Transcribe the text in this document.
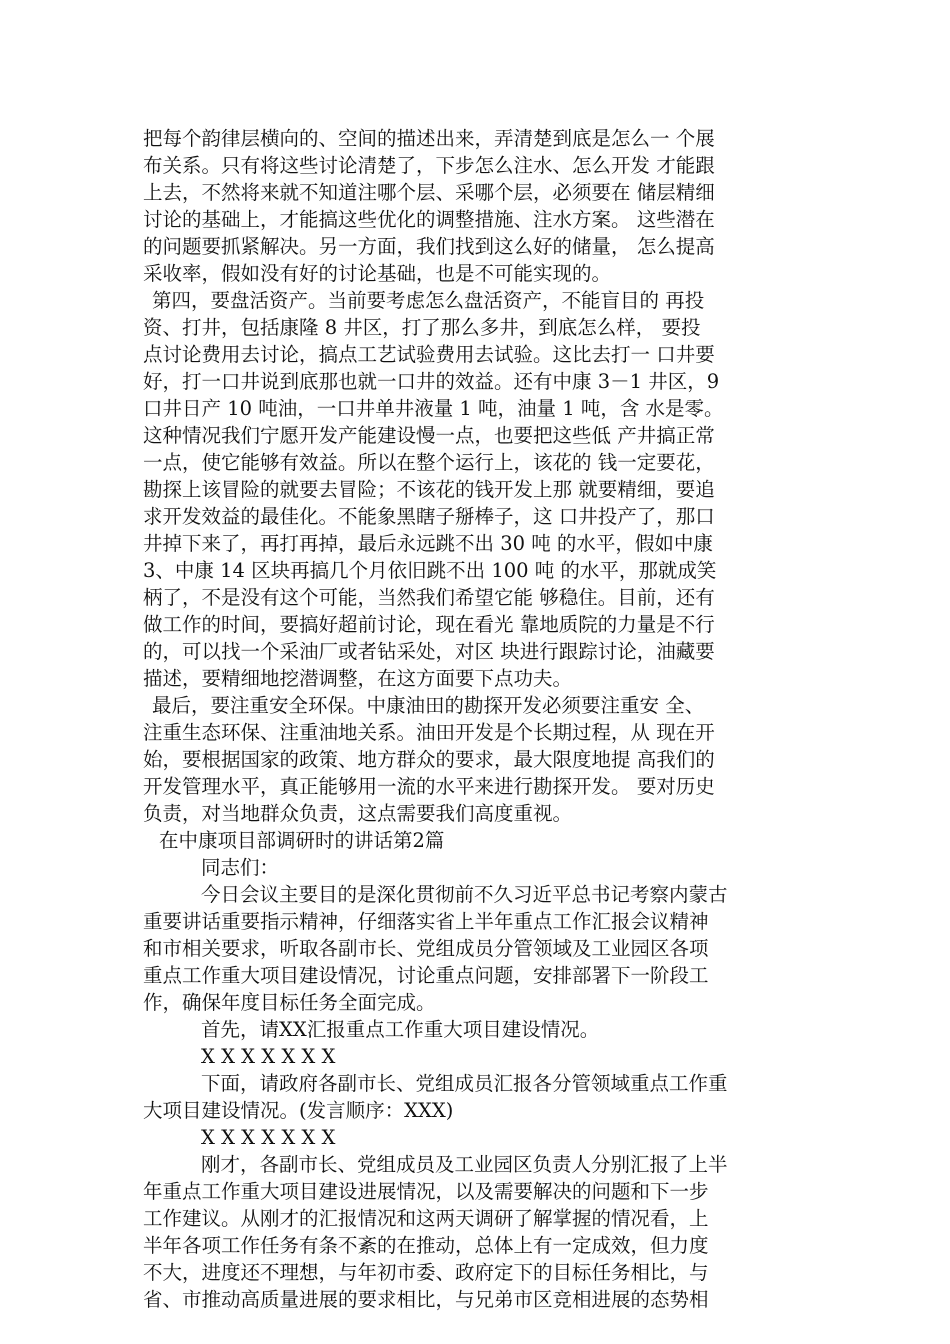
把每个韵律层横向的、空间的描述出来，弄清楚到底是怎么一 个展
布关系。只有将这些讨论清楚了，下步怎么注水、怎么开发 才能跟
上去，不然将来就不知道注哪个层、采哪个层，必须要在 储层精细
讨论的基础上，才能搞这些优化的调整措施、注水方案。 这些潜在
的问题要抓紧解决。另一方面，我们找到这么好的储量， 怎么提高
采收率，假如没有好的讨论基础，也是不可能实现的。
第四，要盘活资产。当前要考虑怎么盘活资产，不能盲目的 再投
资、打井，包括康隆 8 井区，打了那么多井，到底怎么样， 要投
点讨论费用去讨论，搞点工艺试验费用去试验。这比去打一 口井要
好，打一口井说到底那也就一口井的效益。还有中康 3－1 井区，9
口井日产 10 吨油，一口井单井液量 1 吨，油量 1 吨，含 水是零。
这种情况我们宁愿开发产能建设慢一点，也要把这些低 产井搞正常
一点，使它能够有效益。所以在整个运行上，该花的 钱一定要花，
勘探上该冒险的就要去冒险；不该花的钱开发上那 就要精细，要追
求开发效益的最佳化。不能象黑瞎子掰棒子，这 口井投产了，那口
井掉下来了，再打再掉，最后永远跳不出 30 吨 的水平，假如中康
3、中康 14 区块再搞几个月依旧跳不出 100 吨 的水平，那就成笑
柄了，不是没有这个可能，当然我们希望它能 够稳住。目前，还有
做工作的时间，要搞好超前讨论，现在看光 靠地质院的力量是不行
的，可以找一个采油厂或者钻采处，对区 块进行跟踪讨论，油藏要
描述，要精细地挖潜调整，在这方面要下点功夫。
最后，要注重安全环保。中康油田的勘探开发必须要注重安 全、
注重生态环保、注重油地关系。油田开发是个长期过程，从 现在开
始，要根据国家的政策、地方群众的要求，最大限度地提 高我们的
开发管理水平，真正能够用一流的水平来进行勘探开发。 要对历史
负责，对当地群众负责，这点需要我们高度重视。
在中康项目部调研时的讲话第2篇
同志们：
今日会议主要目的是深化贯彻前不久习近平总书记考察内蒙古
重要讲话重要指示精神，仔细落实省上半年重点工作汇报会议精神
和市相关要求，听取各副市长、党组成员分管领域及工业园区各项
重点工作重大项目建设情况，讨论重点问题，安排部署下一阶段工
作，确保年度目标任务全面完成。
首先，请XX汇报重点工作重大项目建设情况。
X X X X X X X
下面，请政府各副市长、党组成员汇报各分管领域重点工作重
大项目建设情况。(发言顺序：XXX)
X X X X X X X
刚才，各副市长、党组成员及工业园区负责人分别汇报了上半
年重点工作重大项目建设进展情况，以及需要解决的问题和下一步
工作建议。从刚才的汇报情况和这两天调研了解掌握的情况看，上
半年各项工作任务有条不紊的在推动，总体上有一定成效，但力度
不大，进度还不理想，与年初市委、政府定下的目标任务相比，与
省、市推动高质量进展的要求相比，与兄弟市区竞相进展的态势相
